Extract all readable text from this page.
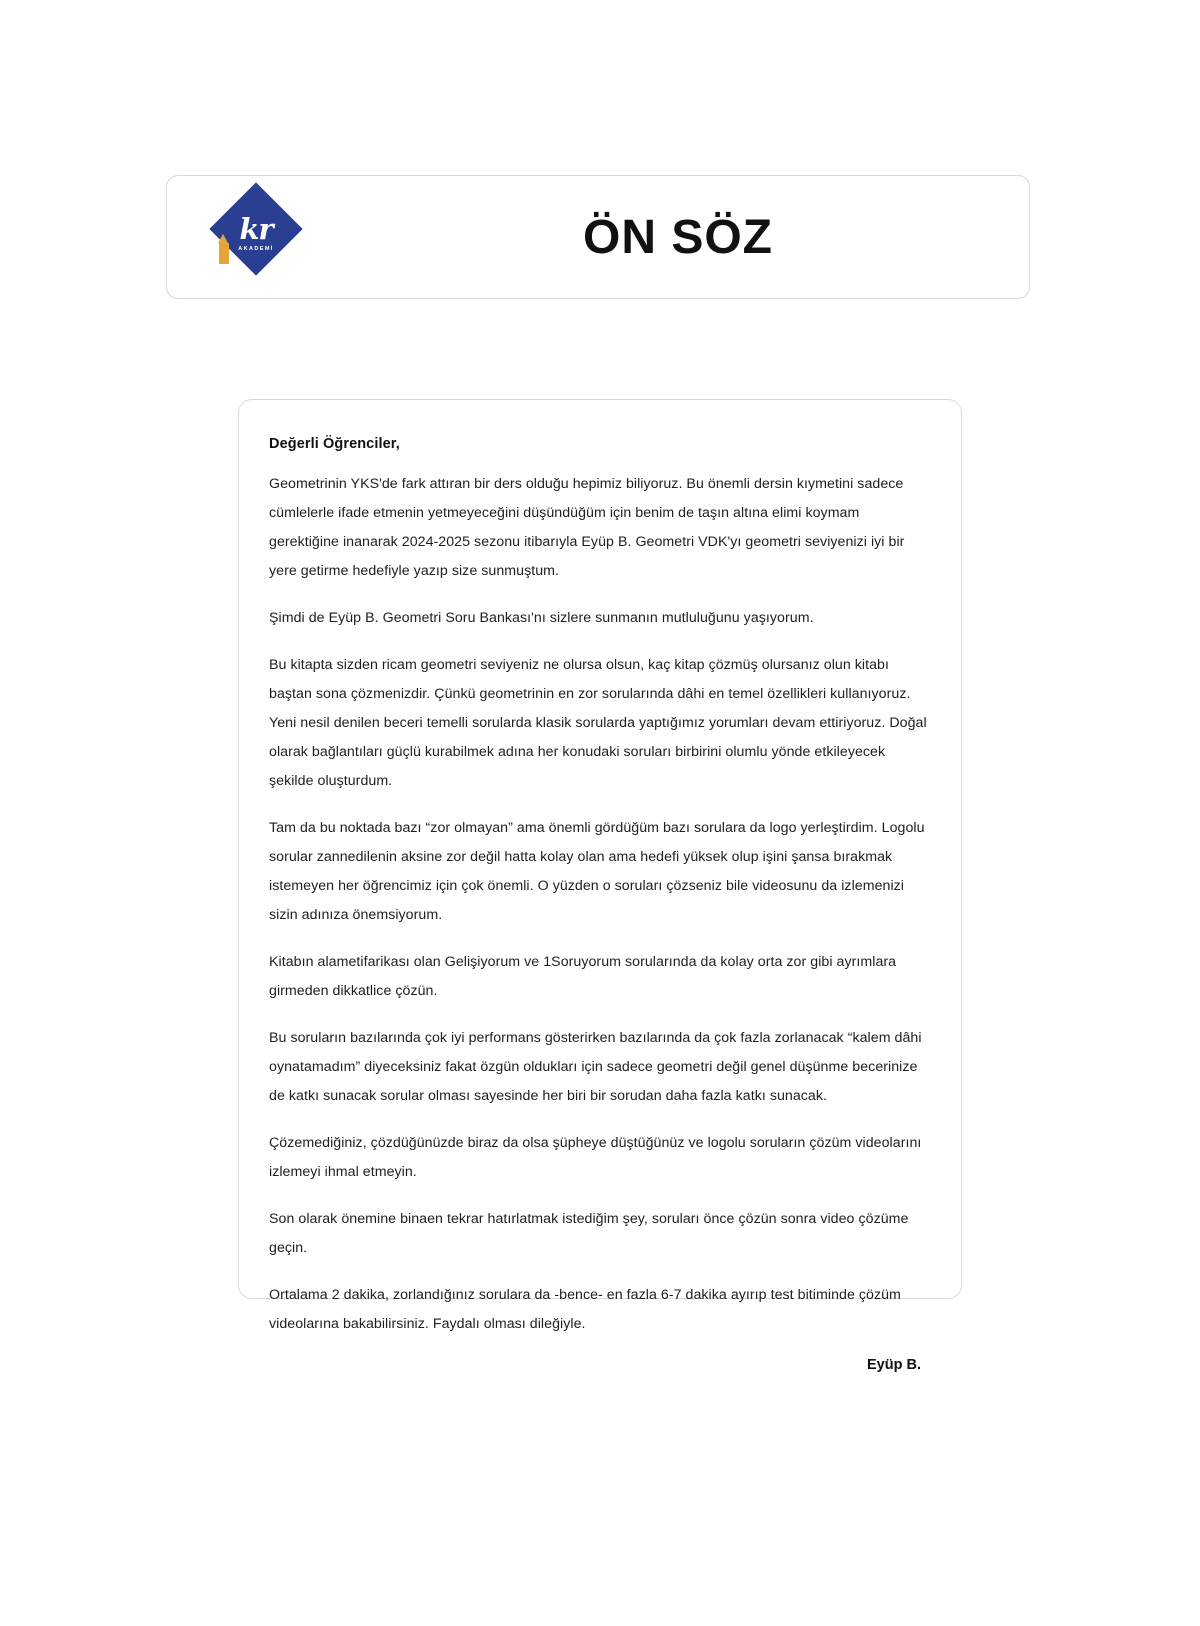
kr
AKADEMİ	ÖN SÖZ

Değerli Öğrenciler,

Geometrinin YKS'de fark attıran bir ders olduğu hepimiz biliyoruz. Bu önemli dersin kıymetini sadece cümlelerle ifade etmenin yetmeyeceğini düşündüğüm için benim de taşın altına elimi koymam gerektiğine inanarak 2024-2025 sezonu itibarıyla Eyüp B. Geometri VDK'yı geometri seviyenizi iyi bir yere getirme hedefiyle yazıp size sunmuştum.

Şimdi de Eyüp B. Geometri Soru Bankası'nı sizlere sunmanın mutluluğunu yaşıyorum.

Bu kitapta sizden ricam geometri seviyeniz ne olursa olsun, kaç kitap çözmüş olursanız olun kitabı baştan sona çözmenizdir. Çünkü geometrinin en zor sorularında dâhi en temel özellikleri kullanıyoruz. Yeni nesil denilen beceri temelli sorularda klasik sorularda yaptığımız yorumları devam ettiriyoruz. Doğal olarak bağlantıları güçlü kurabilmek adına her konudaki soruları birbirini olumlu yönde etkileyecek şekilde oluşturdum.

Tam da bu noktada bazı “zor olmayan” ama önemli gördüğüm bazı sorulara da logo yerleştirdim. Logolu sorular zannedilenin aksine zor değil hatta kolay olan ama hedefi yüksek olup işini şansa bırakmak istemeyen her öğrencimiz için çok önemli. O yüzden o soruları çözseniz bile videosunu da izlemenizi sizin adınıza önemsiyorum.

Kitabın alametifarikası olan Gelişiyorum ve 1Soruyorum sorularında da kolay orta zor gibi ayrımlara girmeden dikkatlice çözün.

Bu soruların bazılarında çok iyi performans gösterirken bazılarında da çok fazla zorlanacak “kalem dâhi oynatamadım” diyeceksiniz fakat özgün oldukları için sadece geometri değil genel düşünme becerinize de katkı sunacak sorular olması sayesinde her biri bir sorudan daha fazla katkı sunacak.

Çözemediğiniz, çözdüğünüzde biraz da olsa şüpheye düştüğünüz ve logolu soruların çözüm videolarını izlemeyi ihmal etmeyin.

Son olarak önemine binaen tekrar hatırlatmak istediğim şey, soruları önce çözün sonra video çözüme geçin.

Ortalama 2 dakika, zorlandığınız sorulara da -bence- en fazla 6-7 dakika ayırıp test bitiminde çözüm videolarına bakabilirsiniz. Faydalı olması dileğiyle.

Eyüp B.
